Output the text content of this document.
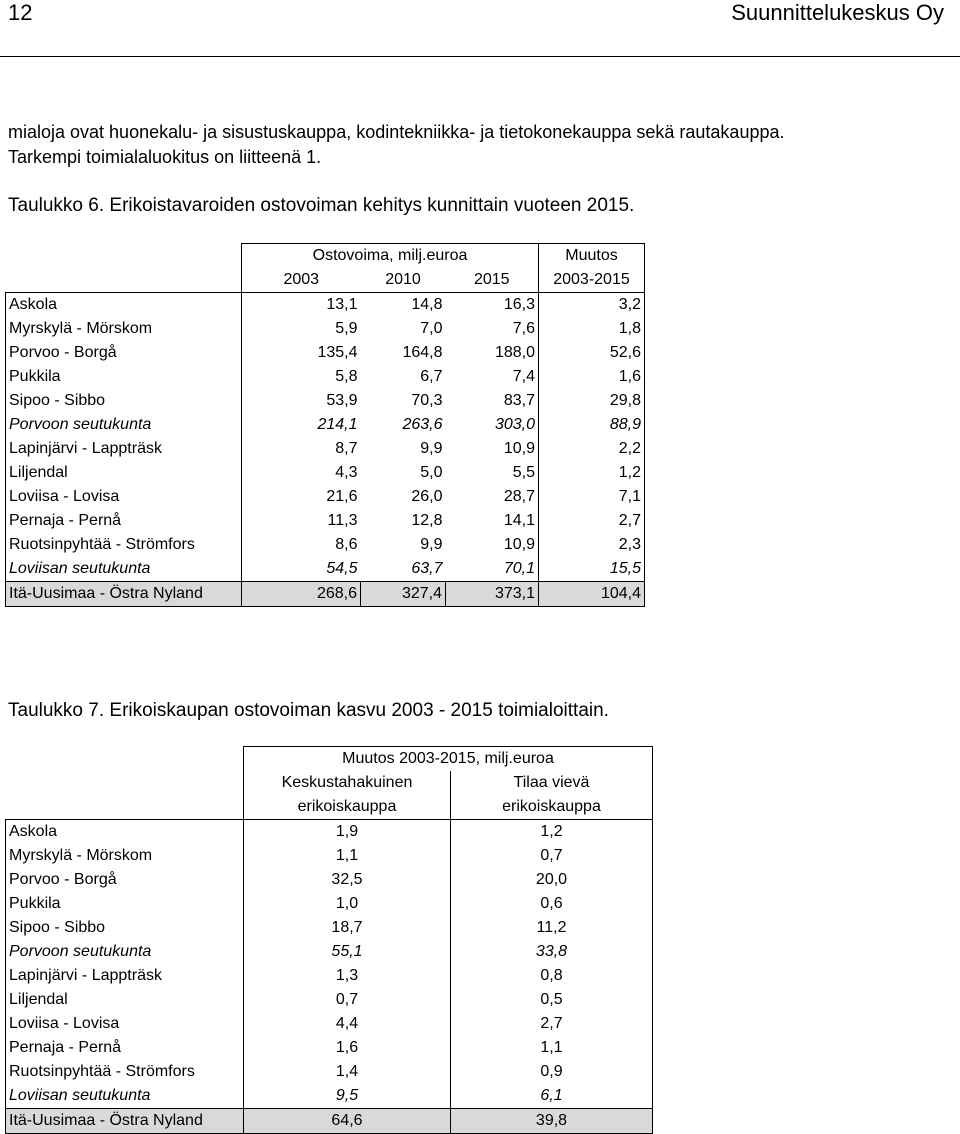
12	Suunnittelukeskus Oy

mialoja ovat huonekalu- ja sisustuskauppa, kodintekniikka- ja tietokonekauppa sekä rautakauppa.
Tarkempi toimialaluokitus on liitteenä 1.

Taulukko 6. Erikoistavaroiden ostovoiman kehitys kunnittain vuoteen 2015.

	Ostovoima, milj.euroa			Muutos
	2003	2010	2015	2003-2015
Askola	13,1	14,8	16,3	3,2
Myrskylä - Mörskom	5,9	7,0	7,6	1,8
Porvoo - Borgå	135,4	164,8	188,0	52,6
Pukkila	5,8	6,7	7,4	1,6
Sipoo - Sibbo	53,9	70,3	83,7	29,8
Porvoon seutukunta	214,1	263,6	303,0	88,9
Lapinjärvi - Lappträsk	8,7	9,9	10,9	2,2
Liljendal	4,3	5,0	5,5	1,2
Loviisa - Lovisa	21,6	26,0	28,7	7,1
Pernaja - Pernå	11,3	12,8	14,1	2,7
Ruotsinpyhtää - Strömfors	8,6	9,9	10,9	2,3
Loviisan seutukunta	54,5	63,7	70,1	15,5
Itä-Uusimaa - Östra Nyland	268,6	327,4	373,1	104,4

Taulukko 7. Erikoiskaupan ostovoiman kasvu 2003 - 2015 toimialoittain.

	Muutos 2003-2015, milj.euroa	
	Keskustahakuinen	Tilaa vievä
	erikoiskauppa	erikoiskauppa
Askola	1,9	1,2
Myrskylä - Mörskom	1,1	0,7
Porvoo - Borgå	32,5	20,0
Pukkila	1,0	0,6
Sipoo - Sibbo	18,7	11,2
Porvoon seutukunta	55,1	33,8
Lapinjärvi - Lappträsk	1,3	0,8
Liljendal	0,7	0,5
Loviisa - Lovisa	4,4	2,7
Pernaja - Pernå	1,6	1,1
Ruotsinpyhtää - Strömfors	1,4	0,9
Loviisan seutukunta	9,5	6,1
Itä-Uusimaa - Östra Nyland	64,6	39,8
